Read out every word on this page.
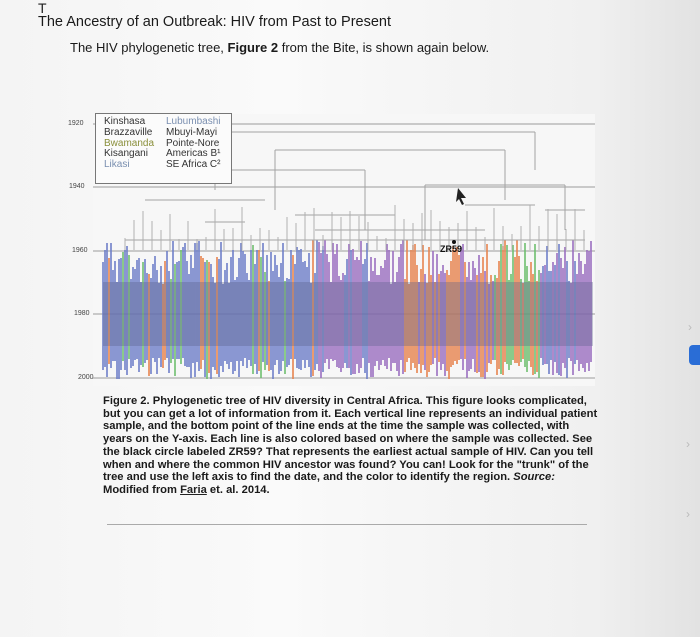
T
The Ancestry of an Outbreak: HIV from Past to Present
The HIV phylogenetic tree, Figure 2 from the Bite, is shown again below.
1920
1940
1960
1980
2000
Kinshasa	Lubumbashi
Brazzaville	Mbuyi-Mayi
Bwamanda	Pointe-Nore
Kisangani	Americas B¹
Likasi	SE Africa C²
ZR59
Figure 2. Phylogenetic tree of HIV diversity in Central Africa. This figure looks complicated, but you can get a lot of information from it. Each vertical line represents an individual patient sample, and the bottom point of the line ends at the time the sample was collected, with years on the Y-axis. Each line is also colored based on where the sample was collected. See the black circle labeled ZR59? That represents the earliest actual sample of HIV. Can you tell when and where the common HIV ancestor was found? You can! Look for the "trunk" of the tree and use the left axis to find the date, and the color to identify the region. Source: Modified from Faria et. al. 2014.
›
›
›
